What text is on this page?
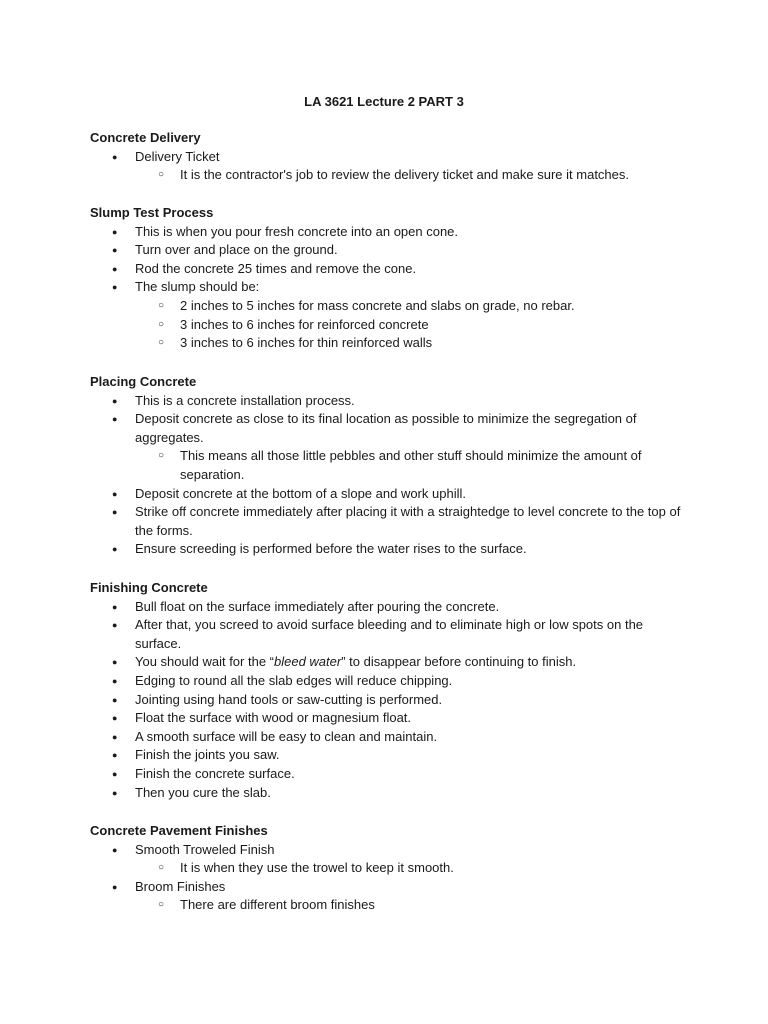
LA 3621 Lecture 2 PART 3

Concrete Delivery

● Delivery Ticket
○ It is the contractor's job to review the delivery ticket and make sure it matches.

Slump Test Process

● This is when you pour fresh concrete into an open cone.
● Turn over and place on the ground.
● Rod the concrete 25 times and remove the cone.
● The slump should be:
○ 2 inches to 5 inches for mass concrete and slabs on grade, no rebar.
○ 3 inches to 6 inches for reinforced concrete
○ 3 inches to 6 inches for thin reinforced walls

Placing Concrete

● This is a concrete installation process.
● Deposit concrete as close to its final location as possible to minimize the segregation of aggregates.
○ This means all those little pebbles and other stuff should minimize the amount of separation.
● Deposit concrete at the bottom of a slope and work uphill.
● Strike off concrete immediately after placing it with a straightedge to level concrete to the top of the forms.
● Ensure screeding is performed before the water rises to the surface.

Finishing Concrete

● Bull float on the surface immediately after pouring the concrete.
● After that, you screed to avoid surface bleeding and to eliminate high or low spots on the surface.
● You should wait for the “bleed water” to disappear before continuing to finish.
● Edging to round all the slab edges will reduce chipping.
● Jointing using hand tools or saw-cutting is performed.
● Float the surface with wood or magnesium float.
● A smooth surface will be easy to clean and maintain.
● Finish the joints you saw.
● Finish the concrete surface.
● Then you cure the slab.

Concrete Pavement Finishes

● Smooth Troweled Finish
○ It is when they use the trowel to keep it smooth.
● Broom Finishes
○ There are different broom finishes
